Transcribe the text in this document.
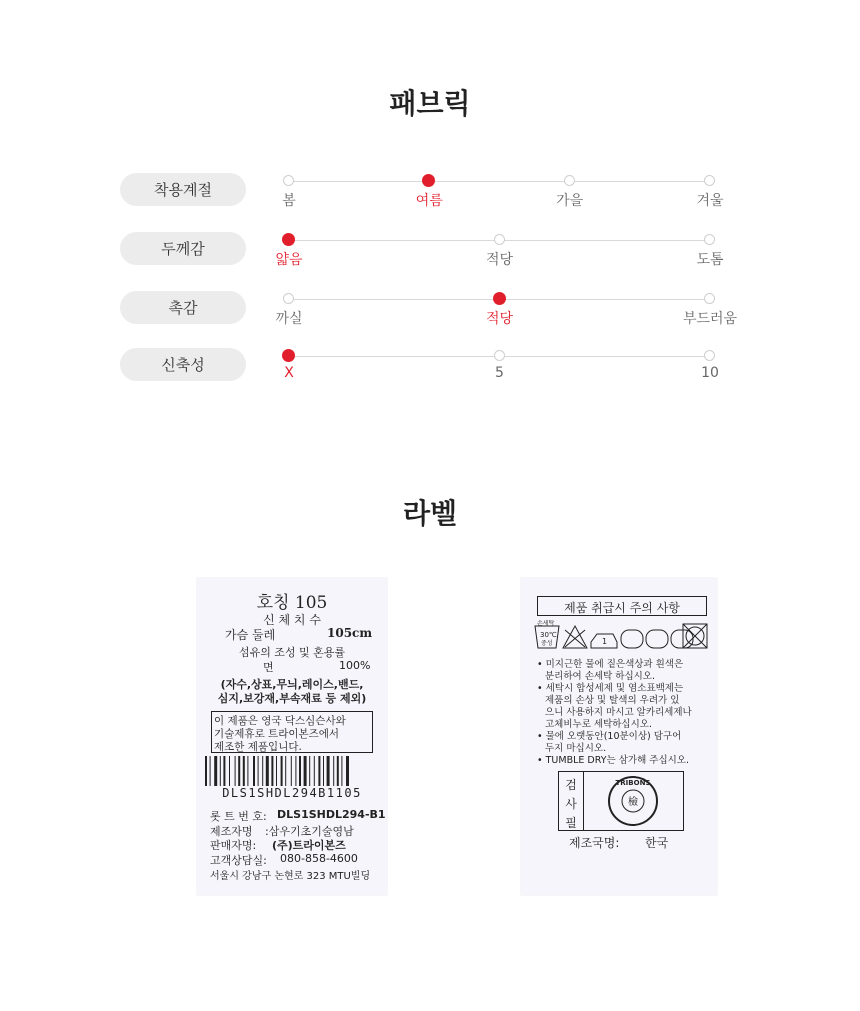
패브릭
착용계절
봄	여름	가을	겨울
두께감
얇음	적당	도톰
촉감
까실	적당	부드러움
신축성	X	5	10
라벨
호칭 105
신 체 치 수
가슴 둘레	105cm
섬유의 조성 및 혼용률
면	100%
(자수,상표,무늬,레이스,밴드,
심지,보강재,부속재료 등 제외)
이 제품은 영국 닥스심슨사와
기술제휴로 트라이본즈에서
제조한 제품입니다.
DLS1SHDL294B1105
롯 트 번 호: DLS1SHDL294-B1
제조자명 :삼우기초기술영남
판매자명: (주)트라이본즈
고객상담실: 080-858-4600
서울시 강남구 논현로 323 MTU빌딩
제품 취급시 주의 사항
손세탁
30℃
중성	1
• 미지근한 물에 짙은색상과 흰색은
분리하여 손세탁 하십시오.
• 세탁시 합성세제 및 염소표백제는
제품의 손상 및 탈색의 우려가 있
으니 사용하지 마시고 알카리세제나
고체비누로 세탁하십시오.
• 물에 오랫동안(10분이상) 담구어
두지 마십시오.
• TUMBLE DRY는 삼가해 주십시오.
검
사
필
檢
TRIBONS
제조국명: 한국
